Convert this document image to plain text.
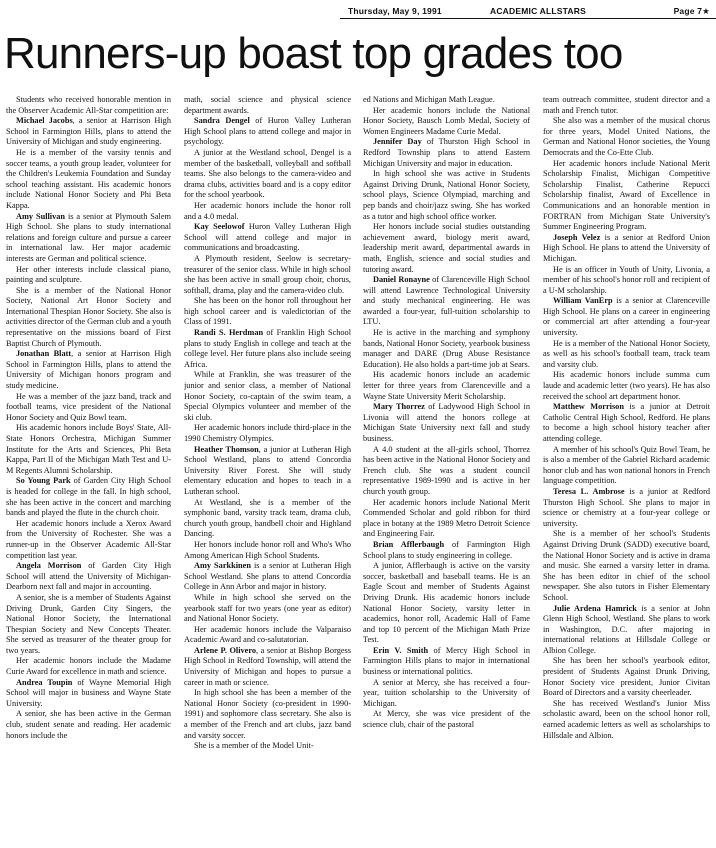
Thursday, May 9, 1991	ACADEMIC ALLSTARS	Page 7★
Runners-up boast top grades too

Students who received honorable mention in the Observer Academic All-Star competition are:

Michael Jacobs, a senior at Harrison High School in Farmington Hills, plans to attend the University of Michigan and study engineering.

He is a member of the varsity tennis and soccer teams, a youth group leader, volunteer for the Children's Leukemia Foundation and Sunday school teaching assistant. His academic honors include National Honor Society and Phi Beta Kappa.

Amy Sullivan is a senior at Plymouth Salem High School. She plans to study international relations and foreign culture and pursue a career in international law. Her major academic interests are German and political science.

Her other interests include classical piano, painting and sculpture.

She is a member of the National Honor Society, National Art Honor Society and International Thespian Honor Society. She also is activities director of the German club and a youth representative on the missions board of First Baptist Church of Plymouth.

Jonathan Blatt, a senior at Harrison High School in Farmington Hills, plans to attend the University of Michigan honors program and study medicine.

He was a member of the jazz band, track and football teams, vice president of the National Honor Society and Quiz Bowl team.

His academic honors include Boys' State, All-State Honors Orchestra, Michigan Summer Institute for the Arts and Sciences, Phi Beta Kappa, Part II of the Michigan Math Test and U-M Regents Alumni Scholarship.

So Young Park of Garden City High School is headed for college in the fall. In high school, she has been active in the concert and marching bands and played the flute in the church choir.

Her academic honors include a Xerox Award from the University of Rochester. She was a runner-up in the Observer Academic All-Star competition last year.

Angela Morrison of Garden City High School will attend the University of Michigan-Dearborn next fall and major in accounting.

A senior, she is a member of Students Against Driving Drunk, Garden City Singers, the National Honor Society, the International Thespian Society and New Concepts Theater. She served as treasurer of the theater group for two years.

Her academic honors include the Madame Curie Award for excellence in math and science.

Andrea Toupin of Wayne Memorial High School will major in business and Wayne State University.

A senior, she has been active in the German club, student senate and reading. Her academic honors include the

math, social science and physical science department awards.

Sandra Dengel of Huron Valley Lutheran High School plans to attend college and major in psychology.

A junior at the Westland school, Dengel is a member of the basketball, volleyball and softball teams. She also belongs to the camera-video and drama clubs, activities board and is a copy editor for the school yearbook.

Her academic honors include the honor roll and a 4.0 medal.

Kay Seelowof Huron Valley Lutheran High School will attend college and major in communications and broadcasting.

A Plymouth resident, Seelow is secretary-treasurer of the senior class. While in high school she has been active in small group choir, chorus, softball, drama, play and the camera-video club.

She has been on the honor roll throughout her high school career and is valedictorian of the Class of 1991.

Randi S. Herdman of Franklin High School plans to study English in college and teach at the college level. Her future plans also include seeing Africa.

While at Franklin, she was treasurer of the junior and senior class, a member of National Honor Society, co-captain of the swim team, a Special Olympics volunteer and member of the ski club.

Her academic honors include third-place in the 1990 Chemistry Olympics.

Heather Thomson, a junior at Lutheran High School Westland, plans to attend Concordia University River Forest. She will study elementary education and hopes to teach in a Lutheran school.

At Westland, she is a member of the symphonic band, varsity track team, drama club, church youth group, handbell choir and Highland Dancing.

Her honors include honor roll and Who's Who Among American High School Students.

Amy Sarkkinen is a senior at Lutheran High School Westland. She plans to attend Concordia College in Ann Arbor and major in history.

While in high school she served on the yearbook staff for two years (one year as editor) and National Honor Society.

Her academic honors include the Valparaiso Academic Award and co-salutatorian.

Arlene P. Olivero, a senior at Bishop Borgess High School in Redford Township, will attend the University of Michigan and hopes to pursue a career in math or science.

In high school she has been a member of the National Honor Society (co-president in 1990-1991) and sophomore class secretary. She also is a member of the French and art clubs, jazz band and varsity soccer.

She is a member of the Model Unit-

ed Nations and Michigan Math League.

Her academic honors include the National Honor Society, Bausch Lomb Medal, Society of Women Engineers Madame Curie Medal.

Jennifer Day of Thurston High School in Redford Township plans to attend Eastern Michigan University and major in education.

In high school she was active in Students Against Driving Drunk, National Honor Society, school plays, Science Olympiad, marching and pep bands and choir/jazz swing. She has worked as a tutor and high school office worker.

Her honors include social studies outstanding achievement award, biology merit award, leadership merit award, departmental awards in math, English, science and social studies and tutoring award.

Daniel Ronayne of Clarenceville High School will attend Lawrence Technological University and study mechanical engineering. He was awarded a four-year, full-tuition scholarship to LTU.

He is active in the marching and symphony bands, National Honor Society, yearbook business manager and DARE (Drug Abuse Resistance Education). He also holds a part-time job at Sears.

His academic honors include an academic letter for three years from Clarenceville and a Wayne State University Merit Scholarship.

Mary Thorrez of Ladywood High School in Livonia will attend the honors college at Michigan State University next fall and study business.

A 4.0 student at the all-girls school, Thorrez has been active in the National Honor Society and French club. She was a student council representative 1989-1990 and is active in her church youth group.

Her academic honors include National Merit Commended Scholar and gold ribbon for third place in botany at the 1989 Metro Detroit Science and Engineering Fair.

Brian Afflerbaugh of Farmington High School plans to study engineering in college.

A junior, Afflerbaugh is active on the varsity soccer, basketball and baseball teams. He is an Eagle Scout and member of Students Against Driving Drunk. His academic honors include National Honor Society, varsity letter in academics, honor roll, Academic Hall of Fame and top 10 percent of the Michigan Math Prize Test.

Erin V. Smith of Mercy High School in Farmington Hills plans to major in international business or international politics.

A senior at Mercy, she has received a four-year, tuition scholarship to the University of Michigan.

At Mercy, she was vice president of the science club, chair of the pastoral

team outreach committee, student director and a math and French tutor.

She also was a member of the musical chorus for three years, Model United Nations, the German and National Honor societies, the Young Democrats and the Co-Ette Club.

Her academic honors include National Merit Scholarship Finalist, Michigan Competitive Scholarship Finalist, Catherine Repucci Scholarship finalist, Award of Excellence in Communications and an honorable mention in FORTRAN from Michigan State University's Summer Engineering Program.

Joseph Velez is a senior at Redford Union High School. He plans to attend the University of Michigan.

He is an officer in Youth of Unity, Livonia, a member of his school's honor roll and recipient of a U-M scholarship.

William VanErp is a senior at Clarenceville High School. He plans on a career in engineering or commercial art after attending a four-year university.

He is a member of the National Honor Society, as well as his school's football team, track team and varsity club.

His academic honors include summa cum laude and academic letter (two years). He has also received the school art department honor.

Matthew Morrison is a junior at Detroit Catholic Central High School, Redford. He plans to become a high school history teacher after attending college.

A member of his school's Quiz Bowl Team, he is also a member of the Gabriel Richard academic honor club and has won national honors in French language competition.

Teresa L. Ambrose is a junior at Redford Thurston High School. She plans to major in science or chemistry at a four-year college or university.

She is a member of her school's Students Against Driving Drunk (SADD) executive board, the National Honor Society and is active in drama and music. She earned a varsity letter in drama. She has been editor in chief of the school newspaper. She also tutors in Fisher Elementary School.

Julie Ardena Hamrick is a senior at John Glenn High School, Westland. She plans to work in Washington, D.C. after majoring in international relations at Hillsdale College or Albion College.

She has been her school's yearbook editor, president of Students Against Drunk Driving, Honor Society vice president, Junior Civitan Board of Directors and a varsity cheerleader.

She has received Westland's Junior Miss scholastic award, been on the school honor roll, earned academic letters as well as scholarships to Hillsdale and Albion.
